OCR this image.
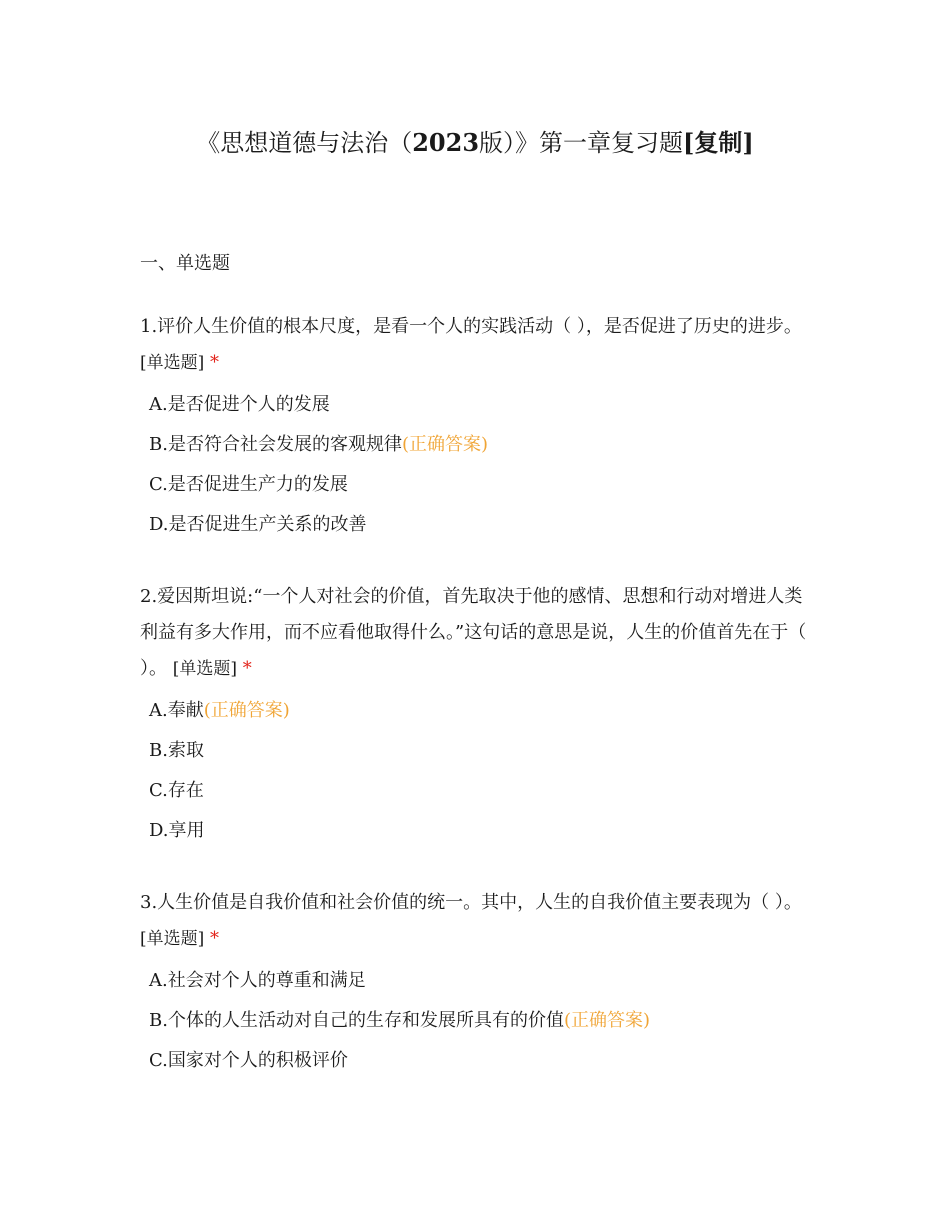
《思想道德与法治（2023版）》第一章复习题[复制]
一、单选题

1.评价人生价值的根本尺度，是看一个人的实践活动（ ），是否促进了历史的进步。 [单选题] *

A.是否促进个人的发展

B.是否符合社会发展的客观规律(正确答案)

C.是否促进生产力的发展

D.是否促进生产关系的改善

2.爱因斯坦说:“一个人对社会的价值，首先取决于他的感情、思想和行动对增进人类利益有多大作用，而不应看他取得什么。”这句话的意思是说，人生的价值首先在于（ ）。 [单选题] *

A.奉献(正确答案)

B.索取

C.存在

D.享用

3.人生价值是自我价值和社会价值的统一。其中，人生的自我价值主要表现为（ ）。 [单选题] *

A.社会对个人的尊重和满足

B.个体的人生活动对自己的生存和发展所具有的价值(正确答案)

C.国家对个人的积极评价
